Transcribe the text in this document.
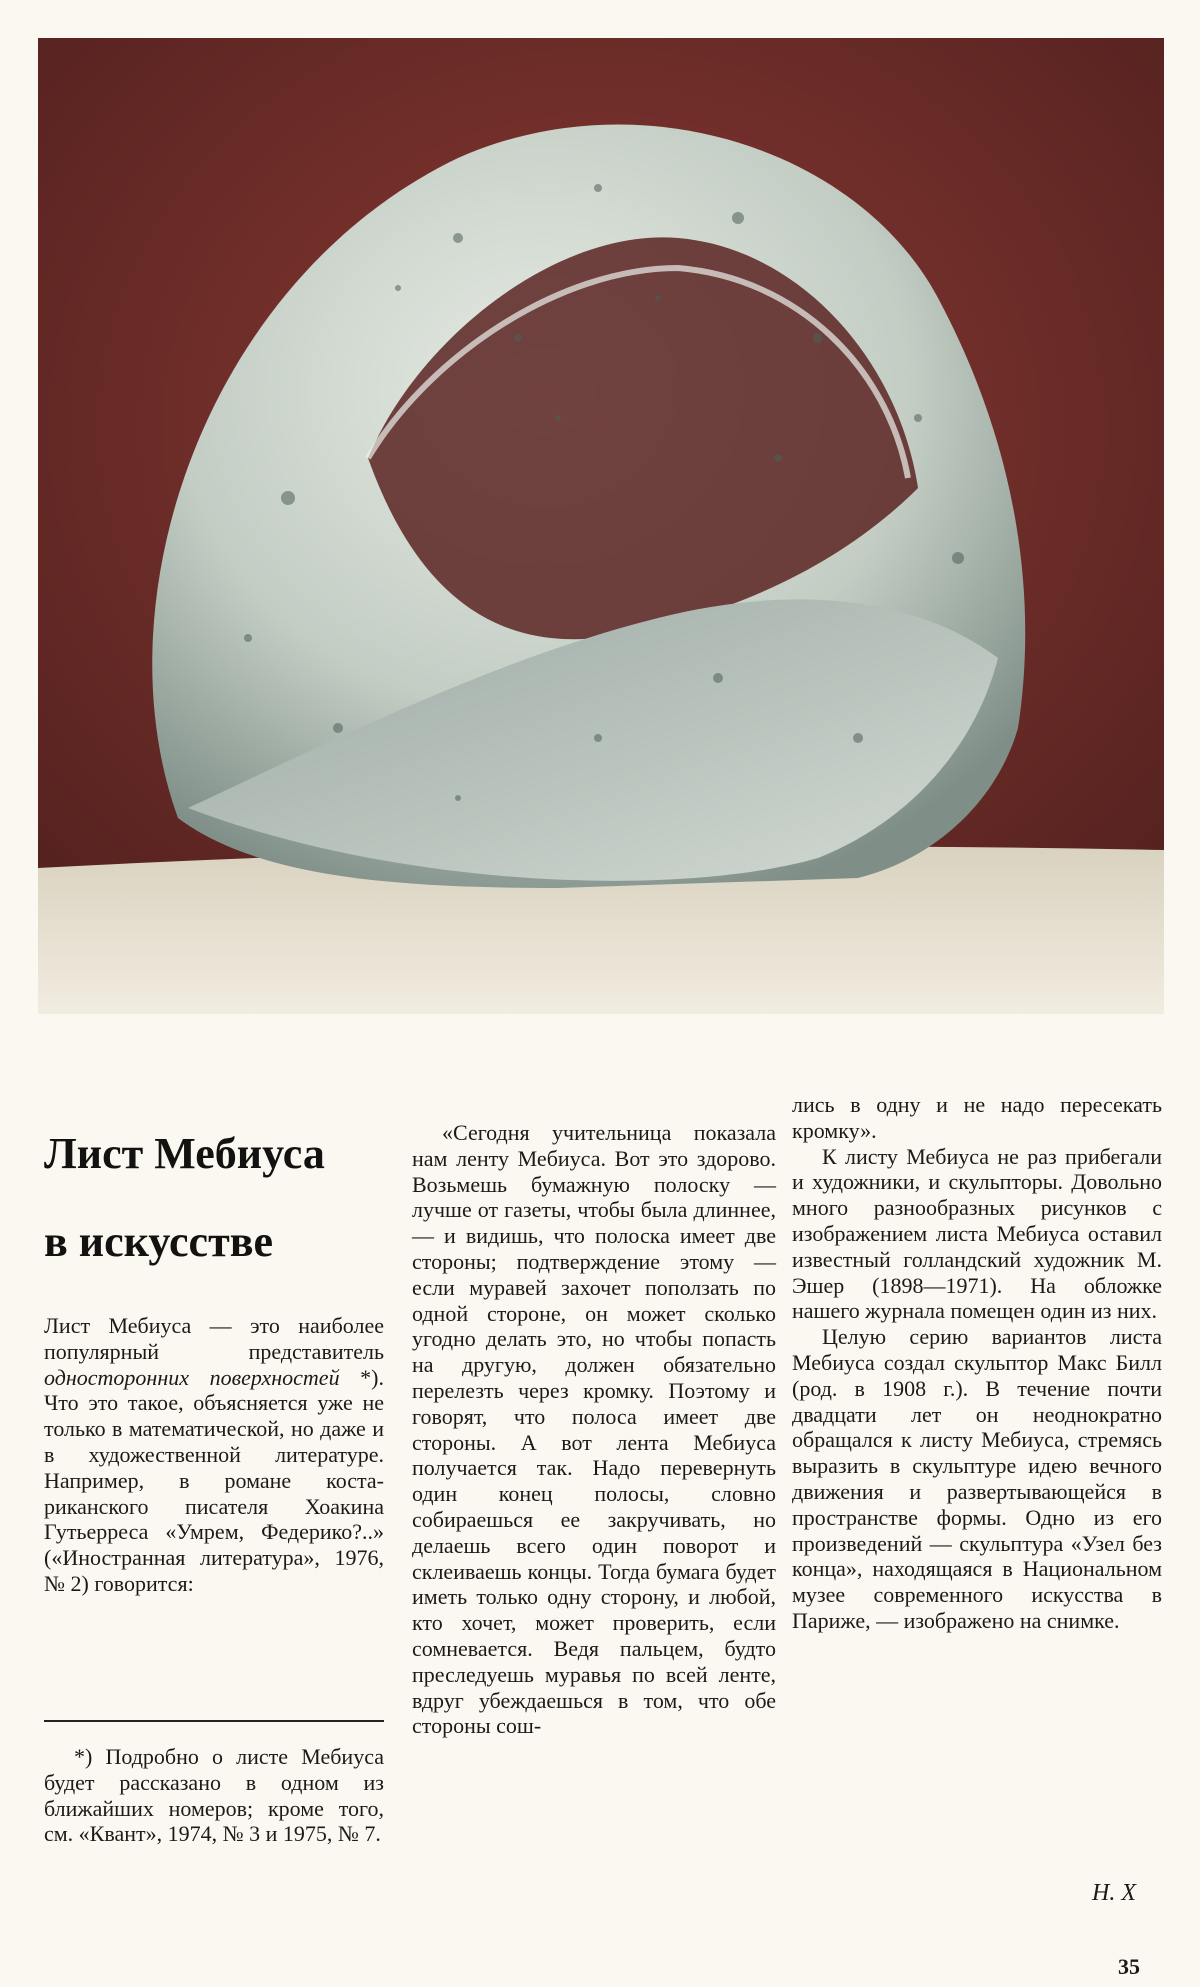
Лист Мебиуса
в искусстве

Лист Мебиуса — это наиболее популярный представитель односторонних поверхностей *). Что это такое, объясняется уже не только в математической, но даже и в художественной литературе. Например, в романе коста-риканского писателя Хоакина Гутьерреса «Умрем, Федерико?..» («Иностранная литература», 1976, № 2) говорится:

*) Подробно о листе Мебиуса будет рассказано в одном из ближайших номеров; кроме того, см. «Квант», 1974, № 3 и 1975, № 7.

«Сегодня учительница показала нам ленту Мебиуса. Вот это здорово. Возьмешь бумажную полоску — лучше от газеты, чтобы была длиннее, — и видишь, что полоска имеет две стороны; подтверждение этому — если муравей захочет поползать по одной стороне, он может сколько угодно делать это, но чтобы попасть на другую, должен обязательно перелезть через кромку. Поэтому и говорят, что полоса имеет две стороны. А вот лента Мебиуса получается так. Надо перевернуть один конец полосы, словно собираешься ее закручивать, но делаешь всего один поворот и склеиваешь концы. Тогда бумага будет иметь только одну сторону, и любой, кто хочет, может проверить, если сомневается. Ведя пальцем, будто преследуешь муравья по всей ленте, вдруг убеждаешься в том, что обе стороны сош-

лись в одну и не надо пересекать кромку».

К листу Мебиуса не раз прибегали и художники, и скульпторы. Довольно много разнообразных рисунков с изображением листа Мебиуса оставил известный голландский художник М. Эшер (1898—1971). На обложке нашего журнала помещен один из них.

Целую серию вариантов листа Мебиуса создал скульптор Макс Билл (род. в 1908 г.). В течение почти двадцати лет он неоднократно обращался к листу Мебиуса, стремясь выразить в скульптуре идею вечного движения и развертывающейся в пространстве формы. Одно из его произведений — скульптура «Узел без конца», находящаяся в Национальном музее современного искусства в Париже, — изображено на снимке.

Н. Х
35
